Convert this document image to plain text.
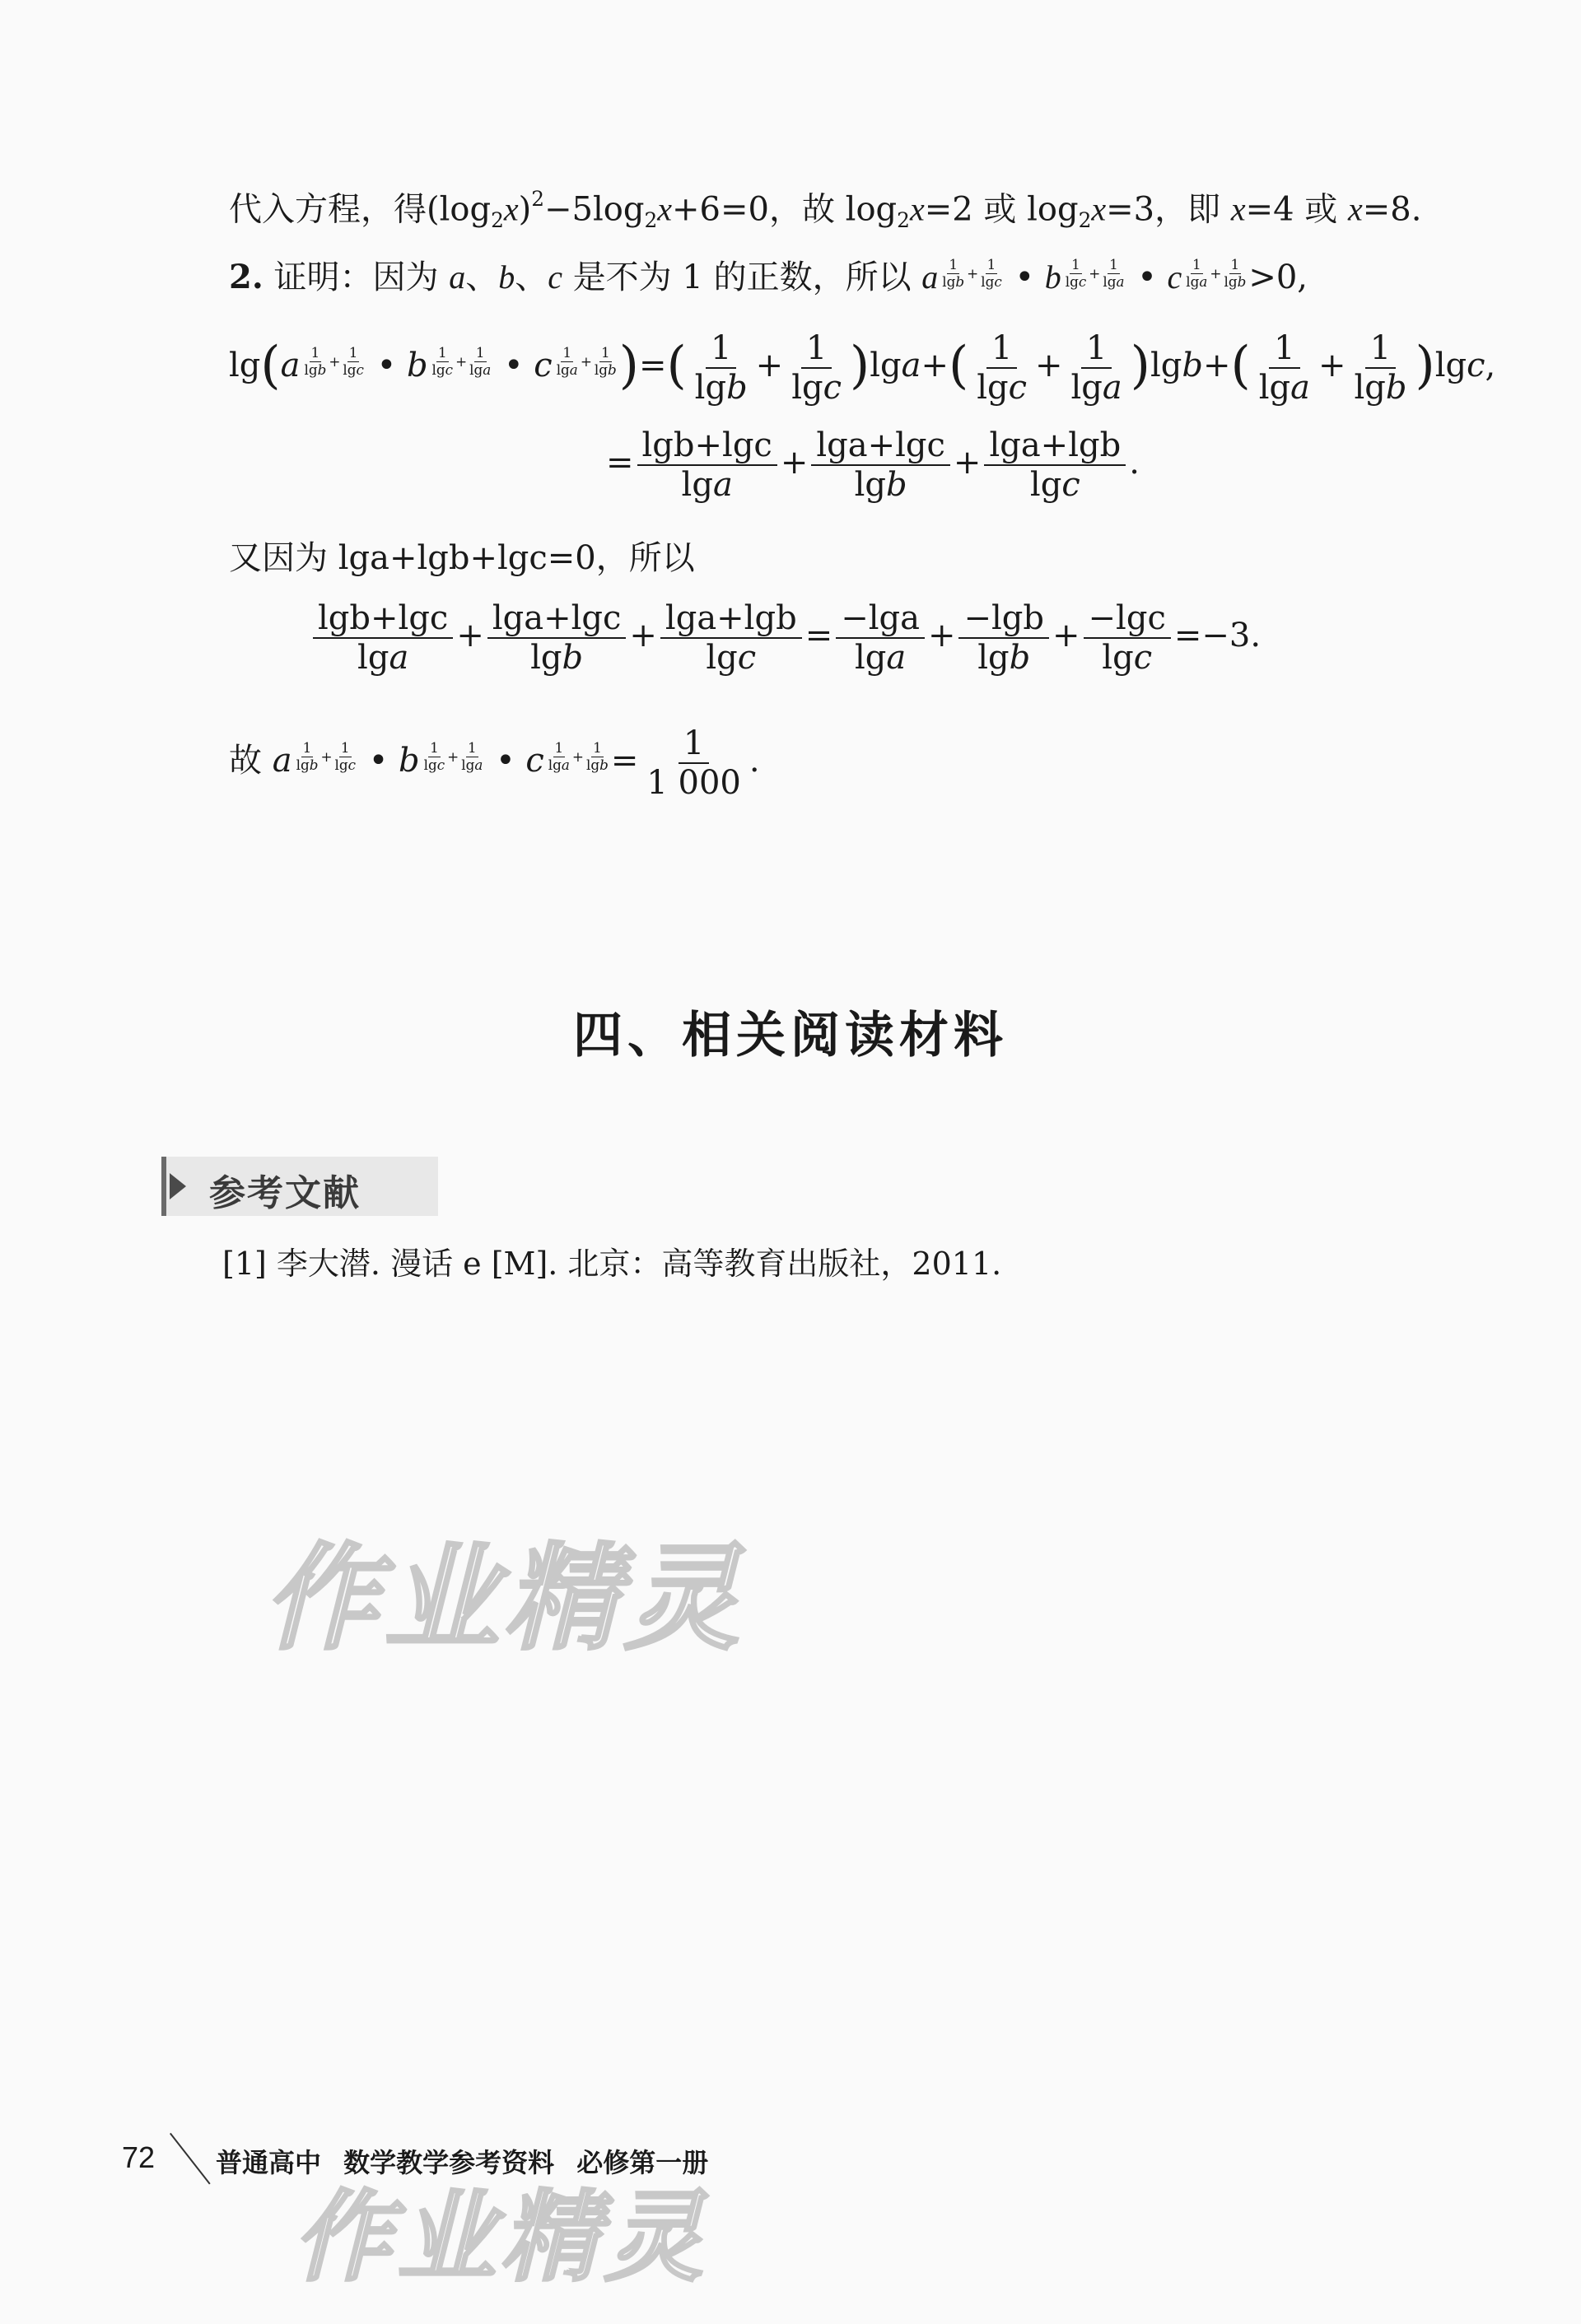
代入方程，得$(\log_2x)^2-5\log_2x+6=0$，故 $\log_2x=2$ 或 $\log_2x=3$，即 x=4 或 x=8.
2. 证明：因为 a、b、c 是不为 1 的正数，所以 a $\frac{1}{\lg b} + \frac{1}{\lg c}$ • b $\frac{1}{\lg c} + \frac{1}{\lg a}$ • c $\frac{1}{\lg a} + \frac{1}{\lg b} >0$,
$\lg(a \frac{1}{\lg b} + \frac{1}{\lg c}$ • b $\frac{1}{\lg c} + \frac{1}{\lg a}$ • c $\frac{1}{\lg a} + \frac{1}{\lg b}$ )=( $\frac{1}{\lg b} + \frac{1}{\lg c} )\lg a+( \frac{1}{\lg c} + \frac{1}{\lg a} )\lg b+( \frac{1}{\lg a} + \frac{1}{\lg b} )\lg c$,
= $\frac{\lg b+\lg c}{\lg a} + \frac{\lg a+\lg c}{\lg b} + \frac{\lg a+\lg b}{\lg c}$ .
又因为 lga+lgb+lgc=0，所以
$\frac{\lg b+\lg c}{\lg a} + \frac{\lg a+\lg c}{\lg b} + \frac{\lg a+\lg b}{\lg c} = \frac{-\lg a}{\lg a} + \frac{-\lg b}{\lg b} + \frac{-\lg c}{\lg c} =-3$.
故 a $\frac{1}{\lg b} + \frac{1}{\lg c}$ • b $\frac{1}{\lg c} + \frac{1}{\lg a}$ • c $\frac{1}{\lg a} + \frac{1}{\lg b} = \frac{1}{1 000}$ .
四、相关阅读材料
参考文献
[1] 李大潜. 漫话 e [M]. 北京：高等教育出版社，2011.
作业精灵
作业精灵
72 普通高中 数学教学参考资料 必修第一册
